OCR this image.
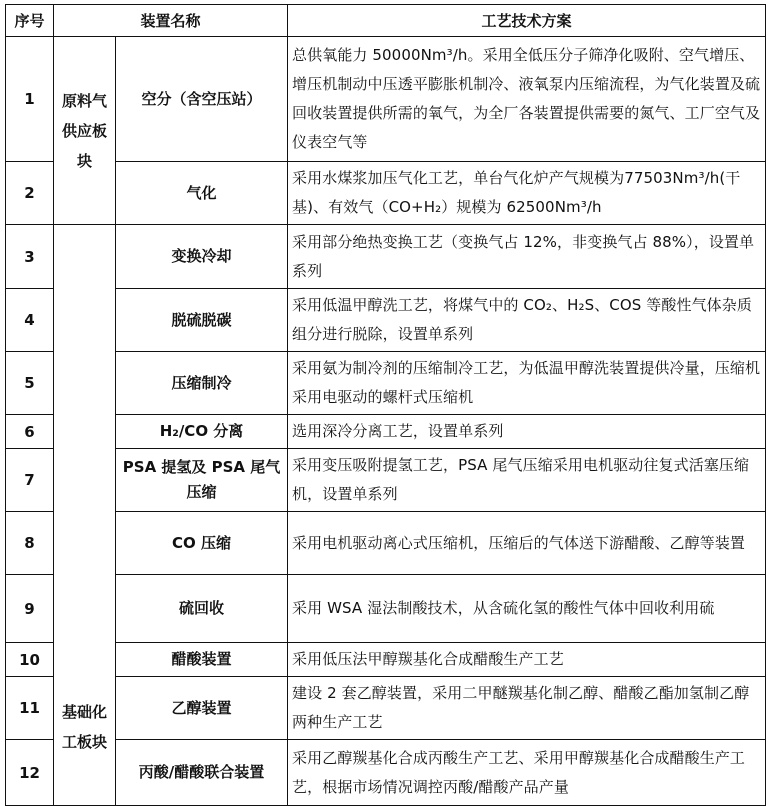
序号	装置名称		工艺技术方案
1	原料气供应板块	空分（含空压站）	总供氧能力 50000Nm³/h。采用全低压分子筛净化吸附、空气增压、增压机制动中压透平膨胀机制冷、液氧泵内压缩流程，为气化装置及硫回收装置提供所需的氧气，为全厂各装置提供需要的氮气、工厂空气及仪表空气等
2		气化	采用水煤浆加压气化工艺，单台气化炉产气规模为77503Nm³/h(干基)、有效气（CO+H₂）规模为 62500Nm³/h
3	基础化工板块	变换冷却	采用部分绝热变换工艺（变换气占 12%，非变换气占 88%），设置单系列
4		脱硫脱碳	采用低温甲醇洗工艺，将煤气中的 CO₂、H₂S、COS 等酸性气体杂质组分进行脱除，设置单系列
5		压缩制冷	采用氨为制冷剂的压缩制冷工艺，为低温甲醇洗装置提供冷量，压缩机采用电驱动的螺杆式压缩机
6		H₂/CO 分离	选用深冷分离工艺，设置单系列
7		PSA 提氢及 PSA 尾气压缩	采用变压吸附提氢工艺，PSA 尾气压缩采用电机驱动往复式活塞压缩机，设置单系列
8		CO 压缩	采用电机驱动离心式压缩机，压缩后的气体送下游醋酸、乙醇等装置
9		硫回收	采用 WSA 湿法制酸技术，从含硫化氢的酸性气体中回收利用硫
10		醋酸装置	采用低压法甲醇羰基化合成醋酸生产工艺
11		乙醇装置	建设 2 套乙醇装置，采用二甲醚羰基化制乙醇、醋酸乙酯加氢制乙醇两种生产工艺
12		丙酸/醋酸联合装置	采用乙醇羰基化合成丙酸生产工艺、采用甲醇羰基化合成醋酸生产工艺，根据市场情况调控丙酸/醋酸产品产量
